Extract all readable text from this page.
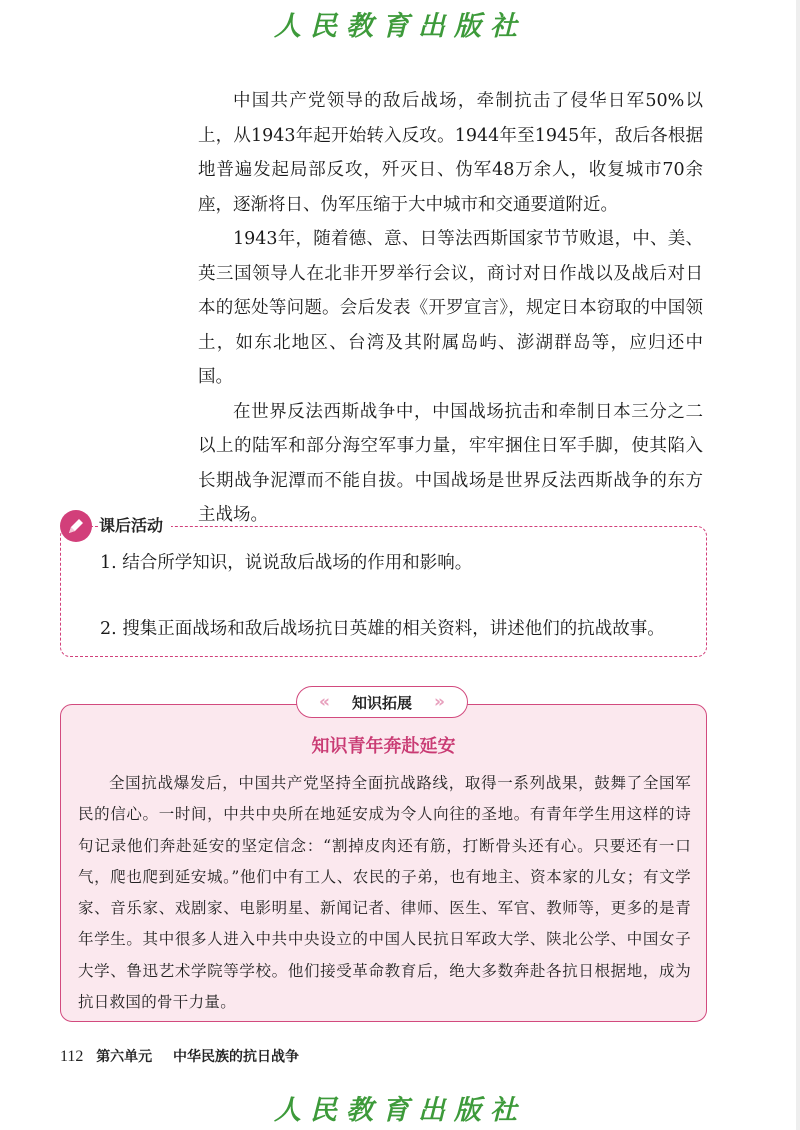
人民教育出版社

中国共产党领导的敌后战场，牵制抗击了侵华日军50%以上，从1943年起开始转入反攻。1944年至1945年，敌后各根据地普遍发起局部反攻，歼灭日、伪军48万余人，收复城市70余座，逐渐将日、伪军压缩于大中城市和交通要道附近。

1943年，随着德、意、日等法西斯国家节节败退，中、美、英三国领导人在北非开罗举行会议，商讨对日作战以及战后对日本的惩处等问题。会后发表《开罗宣言》，规定日本窃取的中国领土，如东北地区、台湾及其附属岛屿、澎湖群岛等，应归还中国。

在世界反法西斯战争中，中国战场抗击和牵制日本三分之二以上的陆军和部分海空军事力量，牢牢捆住日军手脚，使其陷入长期战争泥潭而不能自拔。中国战场是世界反法西斯战争的东方主战场。

课后活动
1. 结合所学知识，说说敌后战场的作用和影响。
2. 搜集正面战场和敌后战场抗日英雄的相关资料，讲述他们的抗战故事。
« 知识拓展 »
知识青年奔赴延安
全国抗战爆发后，中国共产党坚持全面抗战路线，取得一系列战果，鼓舞了全国军民的信心。一时间，中共中央所在地延安成为令人向往的圣地。有青年学生用这样的诗句记录他们奔赴延安的坚定信念：“割掉皮肉还有筋，打断骨头还有心。只要还有一口气，爬也爬到延安城。”他们中有工人、农民的子弟，也有地主、资本家的儿女；有文学家、音乐家、戏剧家、电影明星、新闻记者、律师、医生、军官、教师等，更多的是青年学生。其中很多人进入中共中央设立的中国人民抗日军政大学、陕北公学、中国女子大学、鲁迅艺术学院等学校。他们接受革命教育后，绝大多数奔赴各抗日根据地，成为抗日救国的骨干力量。
112 第六单元 中华民族的抗日战争
人民教育出版社
